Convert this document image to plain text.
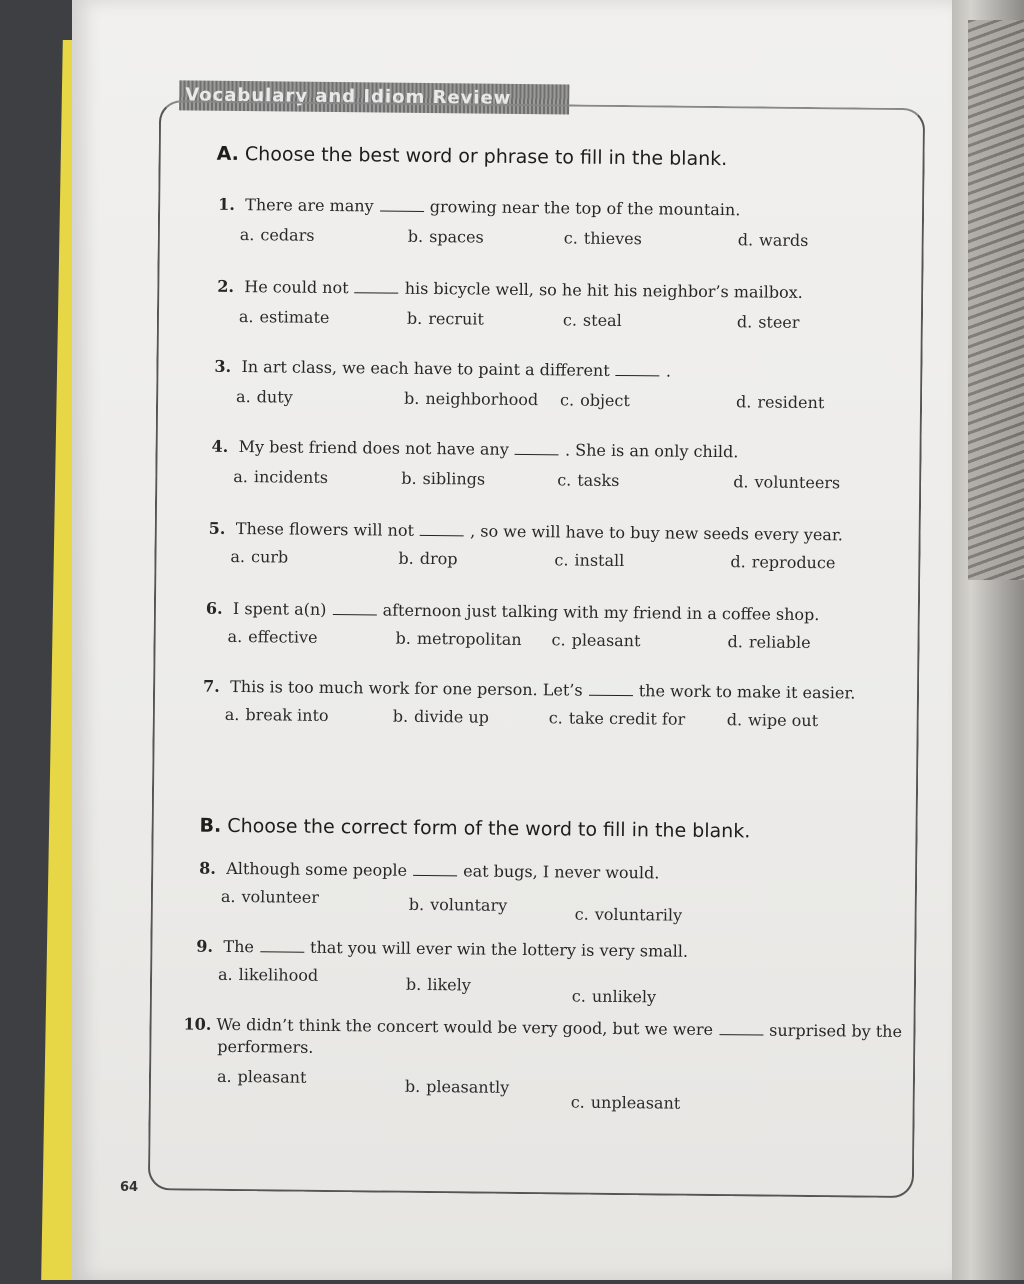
Vocabulary and Idiom Review
A. Choose the best word or phrase to fill in the blank.
1. There are many	growing near the top of the mountain.
a. cedars	b. spaces	c. thieves	d. wards
2. He could not	his bicycle well, so he hit his neighbor’s mailbox.
a. estimate	b. recruit	c. steal	d. steer
3. In art class, we each have to paint a different	.
a. duty	b. neighborhood c. object	d. resident
4. My best friend does not have any	. She is an only child.
a. incidents	b. siblings	c. tasks	d. volunteers
5. These flowers will not	, so we will have to buy new seeds every year.
a. curb	b. drop	c. install	d. reproduce
6. I spent a(n)	afternoon just talking with my friend in a coffee shop.
a. effective	b. metropolitan c. pleasant	d. reliable
7. This is too much work for one person. Let’s	the work to make it easier.
a. break into	b. divide up	c. take credit for	d. wipe out
B. Choose the correct form of the word to fill in the blank.
8. Although some people	eat bugs, I never would.
a. volunteer	b. voluntary	c. voluntarily
9. The	that you will ever win the lottery is very small.
a. likelihood	b. likely
c. unlikely
10. We didn’t think the concert would be very good, but we were	surprised by the
performers.
a. pleasant	b. pleasantly
c. unpleasant
64
